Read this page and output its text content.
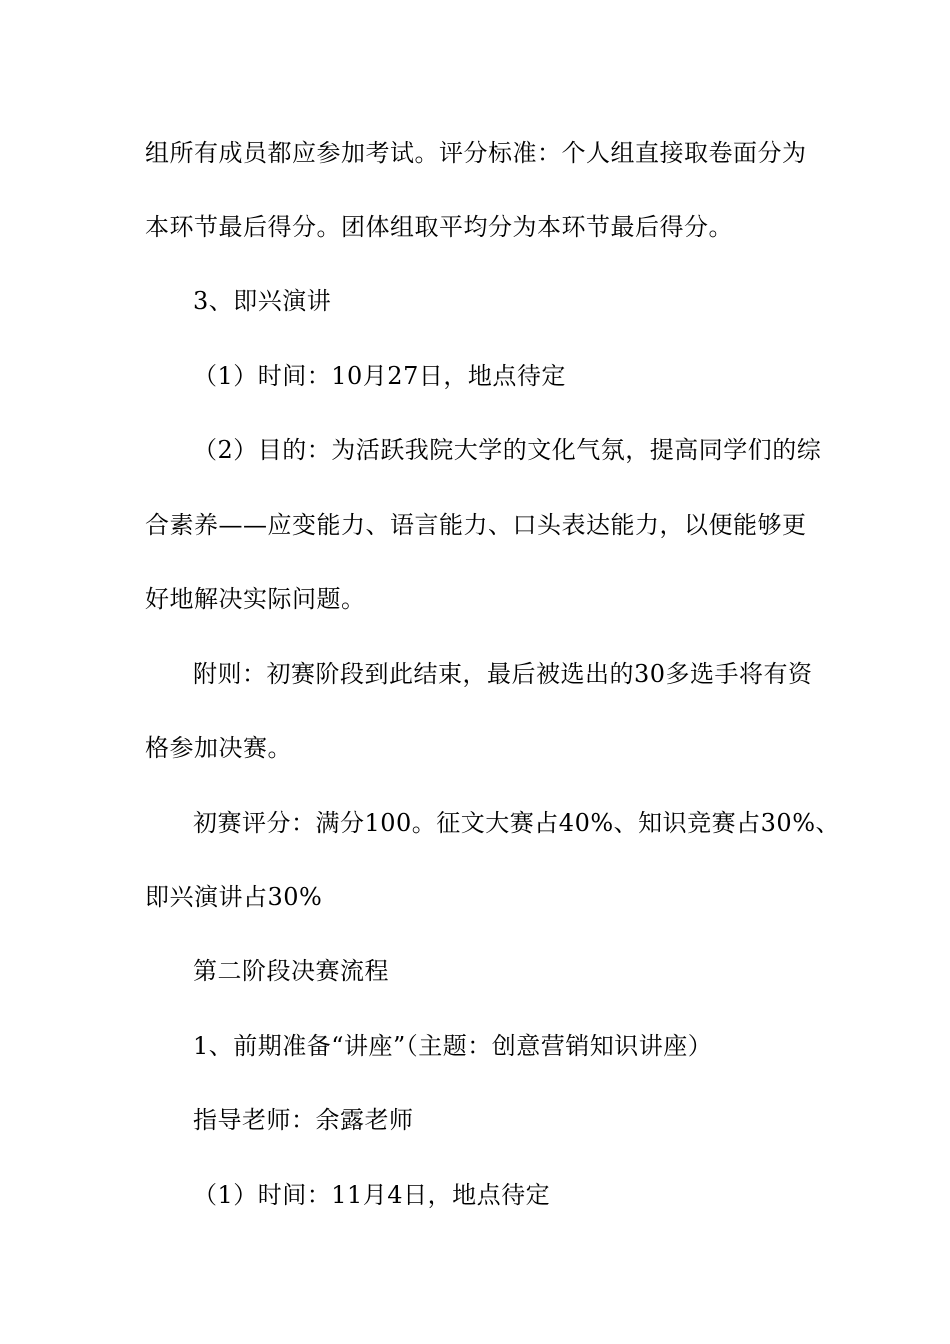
组所有成员都应参加考试。评分标准：个人组直接取卷面分为
本环节最后得分。团体组取平均分为本环节最后得分。
3、即兴演讲
（1）时间：10月27日，地点待定
（2）目的：为活跃我院大学的文化气氛，提高同学们的综
合素养——应变能力、语言能力、口头表达能力，以便能够更
好地解决实际问题。
附则：初赛阶段到此结束，最后被选出的30多选手将有资
格参加决赛。
初赛评分：满分100。征文大赛占40%、知识竞赛占30%、
即兴演讲占30%
第二阶段决赛流程
1、前期准备“讲座”（主题：创意营销知识讲座）
指导老师：余露老师
（1）时间：11月4日，地点待定
